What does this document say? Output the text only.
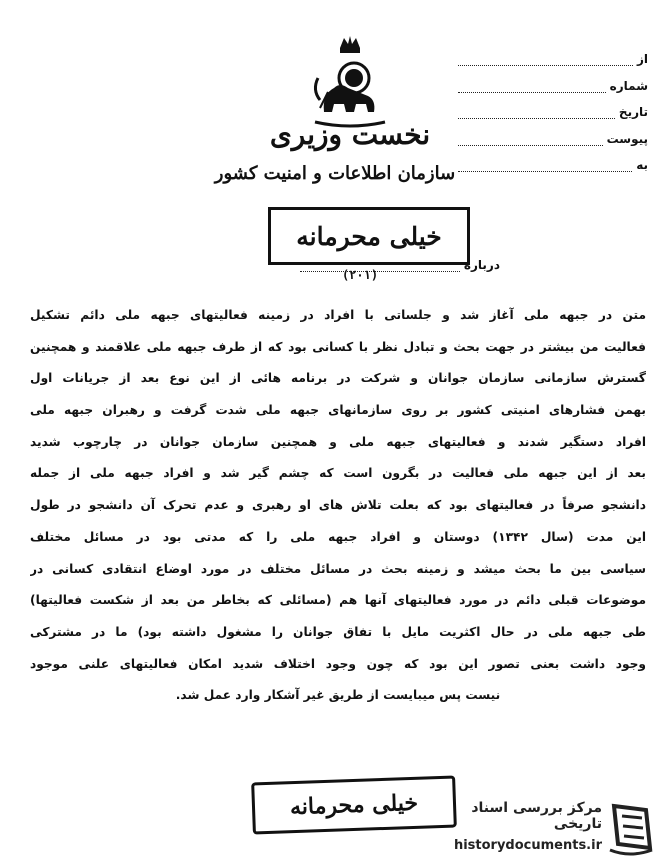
نخست وزیری
سازمان اطلاعات و امنیت کشور
خیلی محرمانه
از
شماره
تاریخ
پیوست
به
درباره
(۲۰۱)
متن در جبهه ملی آغاز شد و جلساتی با افراد در زمینه فعالیتهای جبهه ملی دائم تشکیل
فعالیت من بیشتر در جهت بحث و تبادل نظر با کسانی بود که از طرف جبهه ملی علاقمند و همچنین
گسترش سازمانی سازمان جوانان و شرکت در برنامه هائی از این نوع بعد از جریانات اول
بهمن فشارهای امنیتی کشور بر روی سازمانهای جبهه ملی شدت گرفت و رهبران جبهه ملی
افراد دستگیر شدند و فعالیتهای جبهه ملی و همچنین سازمان جوانان در چارچوب شدید
بعد از این جبهه ملی فعالیت در بگرون است که چشم گیر شد و افراد جبهه ملی از جمله
دانشجو صرفاً در فعالیتهای بود که بعلت تلاش های او رهبری و عدم تحرک آن دانشجو در طول
این مدت (سال ۱۳۴۲) دوستان و افراد جبهه ملی را که مدتی بود در مسائل مختلف
سیاسی بین ما بحث میشد و زمینه بحث در مسائل مختلف در مورد اوضاع انتقادی کسانی در
موضوعات قبلی دائم در مورد فعالیتهای آنها هم (مسائلی که بخاطر من بعد از شکست فعالیتها)
طی جبهه ملی در حال اکثریت مایل با تفاق جوانان را مشغول داشته بود) ما در مشترکی
وجود داشت بعنی تصور این بود که چون وجود اختلاف شدید امکان فعالیتهای علنی موجود
نیست پس میبایست از طریق غیر آشکار وارد عمل شد.
خیلی محرمانه	مرکز بررسی اسناد تاریخی
historydocuments.ir
